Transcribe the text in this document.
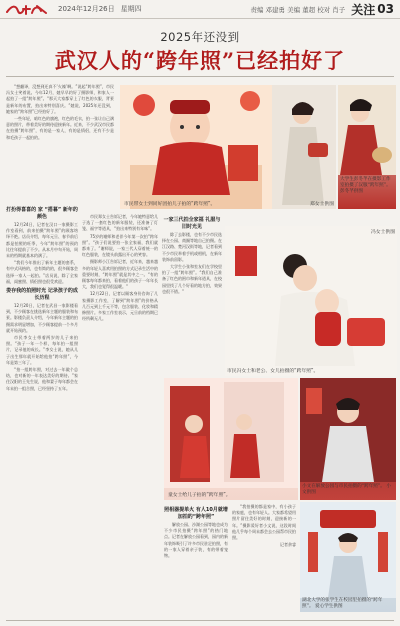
2024年12月26日 星期四	责编 邓建勇 美编 董超 校对 肖子 关注 03
2025年还没到
武汉人的“跨年照”已经拍好了

“想翻译，没想到还真不‘火辣’啊。”说起“跨年照”，市民冯女士笑着说。今年12月，她早早约好了摄影师，和家人一起拍了一组“跨年照”。“那天大家都穿上了红色的衣服，背景是新年的布置，拍出来特别喜庆。”她说，2025年还没到，她家的“跨年照”已经拍好了。

一些年轻，暗红色的旗袍，红色的毛衣，拍一张让自己满意的照片，带着美好的期待迎接新年。近来，不少武汉市民都在拍摄“跨年照”，有的是一家人，有的是情侣，还有不少是和毛孩子一起拍的。

打扮得喜喜的 家 “搭暮” 新年的颜色

12月24日，记者在汉口一家摄影工作室看到，前来拍摄“跨年照”的顾客络绎不绝。店员介绍，每年元旦、春节前后都是拍照的旺季，今年“跨年照”的预约比往年提前了不少。从本月中旬开始，周末的档期就基本约满了。

“我们今年推出了新年主题的套系，有中式风格的，也有简约的，很多顾客会选择一家人一起拍。”店员说，除了全家福，闺蜜照、情侣照也很受欢迎。

娄存我的拍照时光 记录孩子的成长历程

12月20日，记者在武昌一家影楼看到，不少顾客在挑选新年主题的服装和布景。影楼负责人介绍，今年新年主题的拍摄需求明显增加，不少顾客提前一个多月就开始预约。

市民李女士带着两岁的儿子来拍照。“孩子一年一个样，每年拍一组照片，记录他的成长。”李女士说，她从儿子出生那年就开始给他拍“跨年照”，今年是第三年了。

“拍一组跨年照，对过去一年做个总结，也对新的一年表达美好的期待。”家住汉阳的王先生说，他和妻子每年都会在年末拍一组合照，已经坚持了五年。

市民郑女士告诉记者，今年她特意给儿子选了一套红色的新年服装，还准备了灯笼、福字等道具，“拍出来特别有年味”。

75岁的谢师和老伴今年第一次拍“跨年照”。“孩子们说要拍一张全家福，我们就都来了。”谢师说，一家三代人穿着统一的红色服装，在镜头前露出开心的笑容。

摄影师小江告诉记者，近年来，越来越多的年轻人喜欢用拍照的方式记录生活中的重要时刻，“跨年照”就是其中之一。“有的顾客每年都来拍，看着他们的孩子一年年长大，我们也觉得很温暖。”

12月22日，记者以顾客身份咨询了几家摄影工作室，了解到“跨年照”的价格从几百元到上千元不等，包含服装、化妆和精修照片。多家工作室表示，元旦前的档期已经所剩无几。

一家三代拍全家福 礼服与旧时光见

除了去影楼，也有不少市民选择在公园、商圈等地自己拍摄。在江汉路、楚河汉街等地，记者看到不少市民举着手机或相机，在新年装饰前留影。

大学生小张和室友们在学校里拍了一组“跨年照”。“我们自己准备了红色的围巾和新年道具，在校园里找了几个好看的地方拍，效果也很不错。”

照相器提单火 有人10月就增加拍的“跨年照”

解放公园、沙湖公园等地也成为不少市民拍摄“跨年照”的热门地点。记者在解放公园看到，园内的新年装饰吸引了许多市民驻足拍照，有的一家人穿着亲子装，有的带着宠物。

“我拍摄的都是家中，有小孩子的家庭，也有年轻人。大家都希望用照片留住美好的时刻，迎接新的一年。”摄影爱好者小文说，这段时间他几乎每个周末都会去公园帮市民拍照。

记者余睿

市民带女士到同好团拍儿子拍的“跨年照”。	郑女士供图
大学生彭冬芊在摄影工作室拍摄了汉服“跨年照”。 彭冬芊供图
冯女士供图
市民冯女士和老公、女儿拍摄的“跨年照”。
童女士给儿子拍的“跨年照”。
小文在解放公园与市民拍摄的“跨年照”。 小文供图
湖北大学的张学生在校园里拍摄的“跨年照”。 爱心学生供图
